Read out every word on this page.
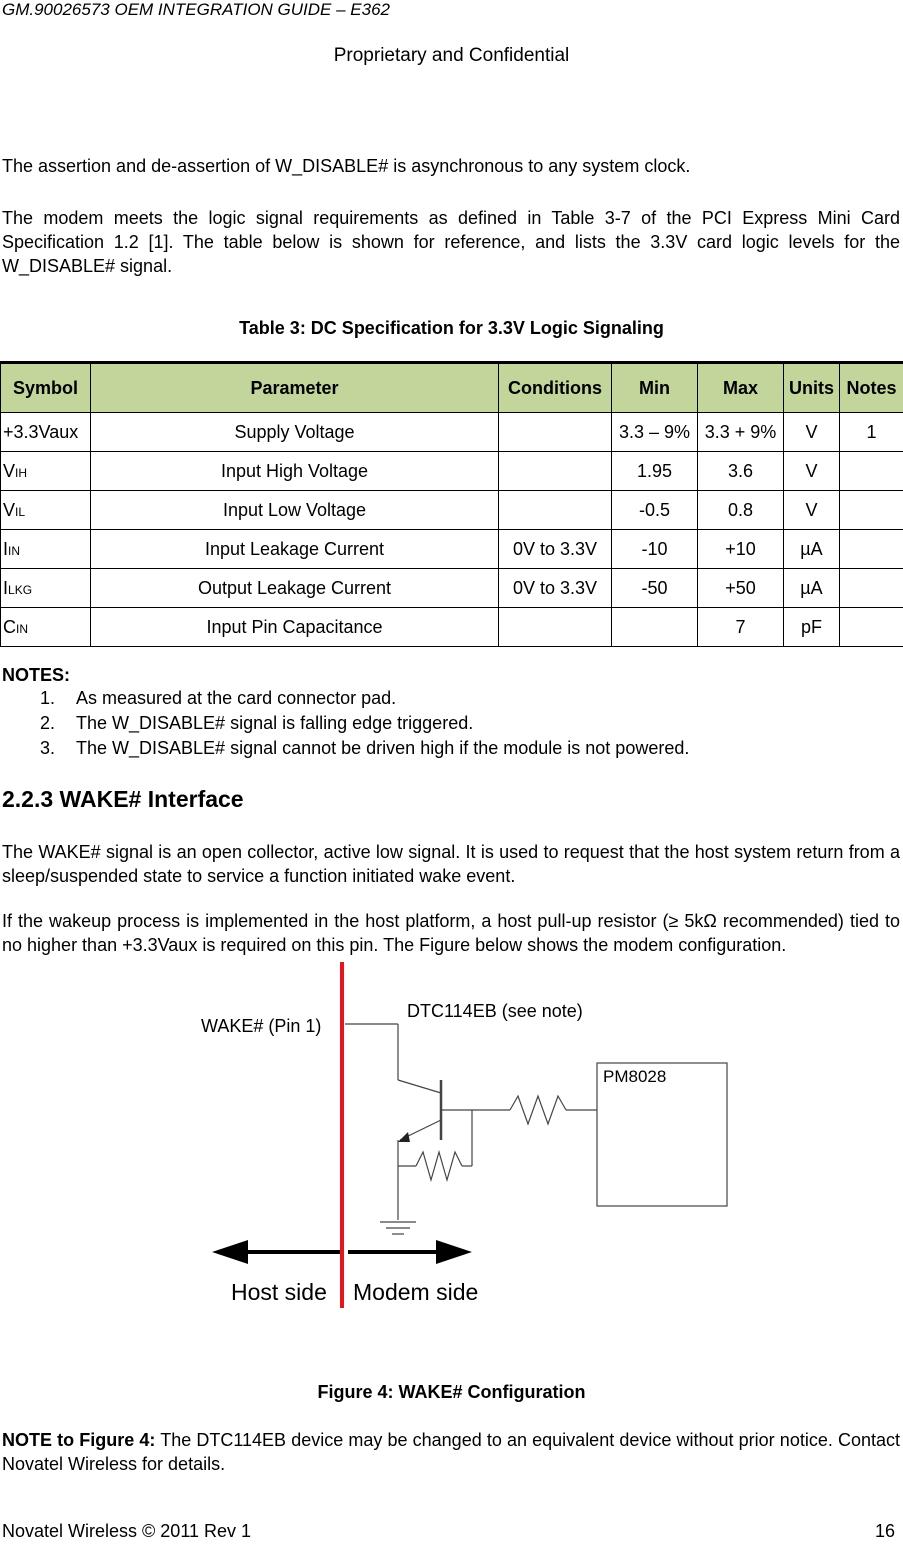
GM.90026573 OEM INTEGRATION GUIDE – E362
Proprietary and Confidential
The assertion and de-assertion of W_DISABLE# is asynchronous to any system clock.
The modem meets the logic signal requirements as defined in Table 3-7 of the PCI Express Mini Card Specification 1.2 [1]. The table below is shown for reference, and lists the 3.3V card logic levels for the W_DISABLE# signal.
Table 3: DC Specification for 3.3V Logic Signaling
Symbol	Parameter	Conditions	Min	Max	Units	Notes
+3.3Vaux	Supply Voltage		3.3 – 9%	3.3 + 9%	V	1
VIH	Input High Voltage		1.95	3.6	V	
VIL	Input Low Voltage		-0.5	0.8	V	
IIN	Input Leakage Current	0V to 3.3V	-10	+10	µA	
ILKG	Output Leakage Current	0V to 3.3V	-50	+50	µA	
CIN	Input Pin Capacitance			7	pF	
NOTES:
1. As measured at the card connector pad.
2. The W_DISABLE# signal is falling edge triggered.
3. The W_DISABLE# signal cannot be driven high if the module is not powered.
2.2.3 WAKE# Interface
The WAKE# signal is an open collector, active low signal. It is used to request that the host system return from a sleep/suspended state to service a function initiated wake event.
If the wakeup process is implemented in the host platform, a host pull-up resistor (≥ 5kΩ recommended) tied to no higher than +3.3Vaux is required on this pin. The Figure below shows the modem configuration.
PM8028
WAKE# (Pin 1)
DTC114EB (see note)
Host side Modem side
Figure 4: WAKE# Configuration
NOTE to Figure 4: The DTC114EB device may be changed to an equivalent device without prior notice. Contact Novatel Wireless for details.
Novatel Wireless © 2011 Rev 1	16
